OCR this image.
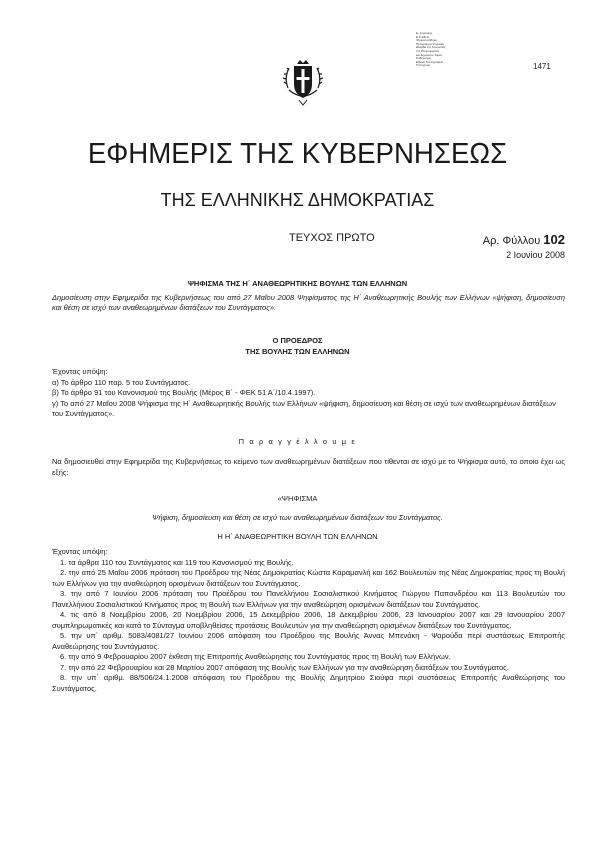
1471
Ε. ψηφιακής
Ε.Κ.ΕΦ.Δ.
Ψηφιοποιήθηκε
Πρόγραμμα Ψηφιακή
Ελλάδα της Κοινωνίας
της Πληροφορίας
και Δημόσιου Τομέα
Κυβέρνηση
Εθνικό Τυπογραφείο
Τυπογραφ.
ΕΦΗΜΕΡΙΣ ΤΗΣ ΚΥΒΕΡΝΗΣΕΩΣ
ΤΗΣ ΕΛΛΗΝΙΚΗΣ ΔΗΜΟΚΡΑΤΙΑΣ
ΤΕΥΧΟΣ ΠΡΩΤΟ	Αρ. Φύλλου 102
2 Ιουνίου 2008
ΨΗΦΙΣΜΑ ΤΗΣ Η΄ ΑΝΑΘΕΩΡΗΤΙΚΗΣ ΒΟΥΛΗΣ ΤΩΝ ΕΛΛΗΝΩΝ
Δημοσίευση στην Εφημερίδα της Κυβερνήσεως του από 27 Μαΐου 2008 Ψηφίσματος της Η΄ Αναθεωρητικής Βουλής των Ελλήνων «ψήφιση, δημοσίευση και θέση σε ισχύ των αναθεωρημένων διατάξεων του Συντάγματος».
Ο ΠΡΟΕΔΡΟΣ
ΤΗΣ ΒΟΥΛΗΣ ΤΩΝ ΕΛΛΗΝΩΝ

Έχοντας υπόψη:

α) Το άρθρο 110 παρ. 5 του Συντάγματος.

β) Το άρθρο 91 του Κανονισμού της Βουλής (Μέρος Β΄ - ΦΕΚ 51 Α΄/10.4.1997).

γ) Το από 27 Μαΐου 2008 Ψήφισμα της Η΄ Αναθεωρητικής Βουλής των Ελλήνων «ψήφιση, δημοσίευση και θέση σε ισχύ των αναθεωρημένων διατάξεων του Συντάγματος».

Π α ρ α γ γ έ λ λ ο υ μ ε
Να δημοσιευθεί στην Εφημερίδα της Κυβερνήσεως το κείμενο των αναθεωρημένων διατάξεων που τίθενται σε ισχύ με το Ψήφισμα αυτό, το οποίο έχει ως εξής:
«ΨΗΦΙΣΜΑ
Ψήφιση, δημοσίευση και θέση σε ισχύ των αναθεωρημένων διατάξεων του Συντάγματος.
Η Η΄ ΑΝΑΘΕΩΡΗΤΙΚΗ ΒΟΥΛΗ ΤΩΝ ΕΛΛΗΝΩΝ

Έχοντας υπόψη:

1. τα άρθρα 110 του Συντάγματος και 119 του Κανονισμού της Βουλής.

2. την από 25 Μαΐου 2006 πρόταση του Προέδρου της Νέας Δημοκρατίας Κώστα Καραμανλή και 162 Βουλευτών της Νέας Δημοκρατίας προς τη Βουλή των Ελλήνων για την αναθεώρηση ορισμένων διατάξεων του Συντάγματος.

3. την από 7 Ιουνίου 2006 πρόταση του Προέδρου του Πανελλήνιου Σοσιαλιστικού Κινήματος Γιώργου Παπανδρέου και 113 Βουλευτών του Πανελλήνιου Σοσιαλιστικού Κινήματος προς τη Βουλή των Ελλήνων για την αναθεώρηση ορισμένων διατάξεων του Συντάγματος.

4. τις από 8 Νοεμβρίου 2006, 20 Νοεμβρίου 2006, 15 Δεκεμβρίου 2006, 18 Δεκεμβρίου 2006, 23 Ιανουαρίου 2007 και 29 Ιανουαρίου 2007 συμπληρωματικές και κατά το Σύνταγμα υποβληθείσες προτάσεις Βουλευτών για την αναθεώρηση ορισμένων διατάξεων του Συντάγματος.

5. την υπ΄ αριθμ. 5083/4081/27 Ιουνίου 2006 απόφαση του Προέδρου της Βουλής Άννας Μπενάκη - Ψαρούδα περί συστάσεως Επιτροπής Αναθεώρησης του Συντάγματος.

6. την από 9 Φεβρουαρίου 2007 έκθεση της Επιτροπής Αναθεώρησης του Συντάγματος προς τη Βουλή των Ελλήνων.

7. την από 22 Φεβρουαρίου και 28 Μαρτίου 2007 απόφαση της Βουλής των Ελλήνων για την αναθεώρηση διατάξεων του Συντάγματος.

8. την υπ΄ αριθμ. 88/506/24.1.2008 απόφαση του Προέδρου της Βουλής Δημητρίου Σιούφα περί συστάσεως Επιτροπής Αναθεώρησης του Συντάγματος.
